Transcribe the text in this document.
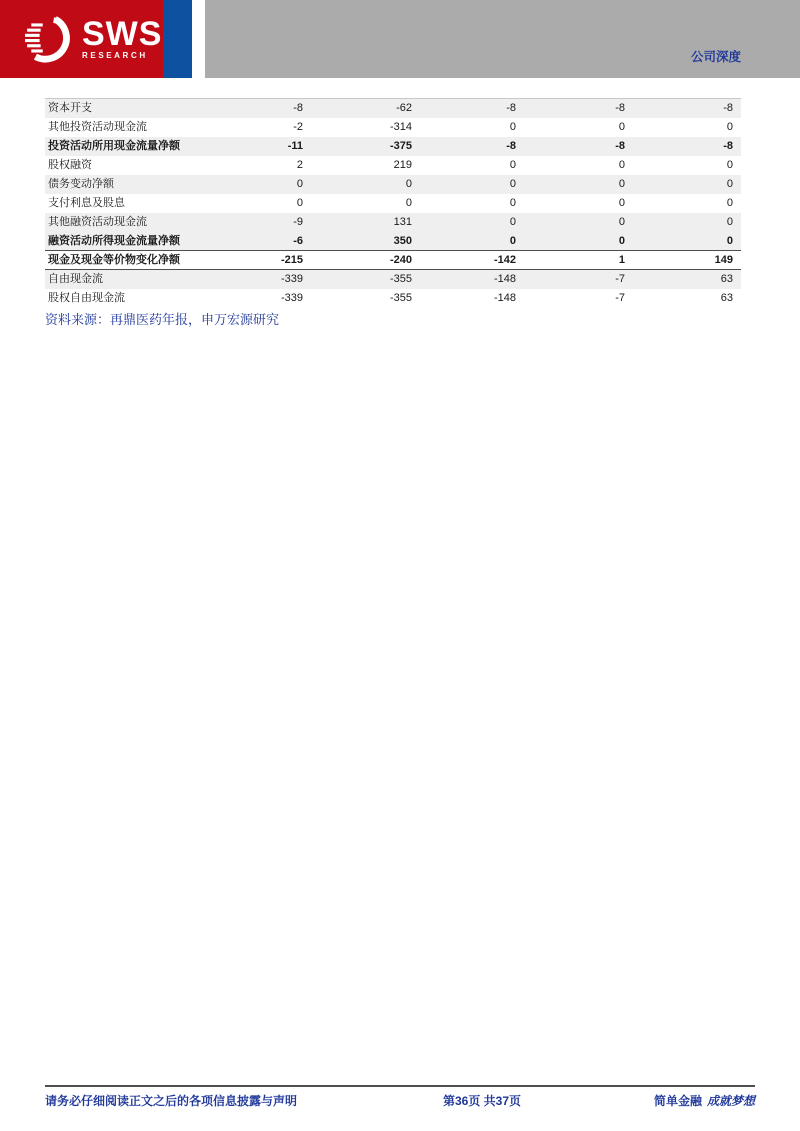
SWS
RESEARCH	公司深度
资本开支	-8	-62	-8	-8	-8
其他投资活动现金流	-2	-314	0	0	0
投资活动所用现金流量净额	-11	-375	-8	-8	-8
股权融资	2	219	0	0	0
债务变动净额	0	0	0	0	0
支付利息及股息	0	0	0	0	0
其他融资活动现金流	-9	131	0	0	0
融资活动所得现金流量净额	-6	350	0	0	0
现金及现金等价物变化净额	-215	-240	-142	1	149
自由现金流	-339	-355	-148	-7	63
股权自由现金流	-339	-355	-148	-7	63
资料来源：再鼎医药年报，申万宏源研究
请务必仔细阅读正文之后的各项信息披露与声明	第36页 共37页	简单金融 成就梦想
